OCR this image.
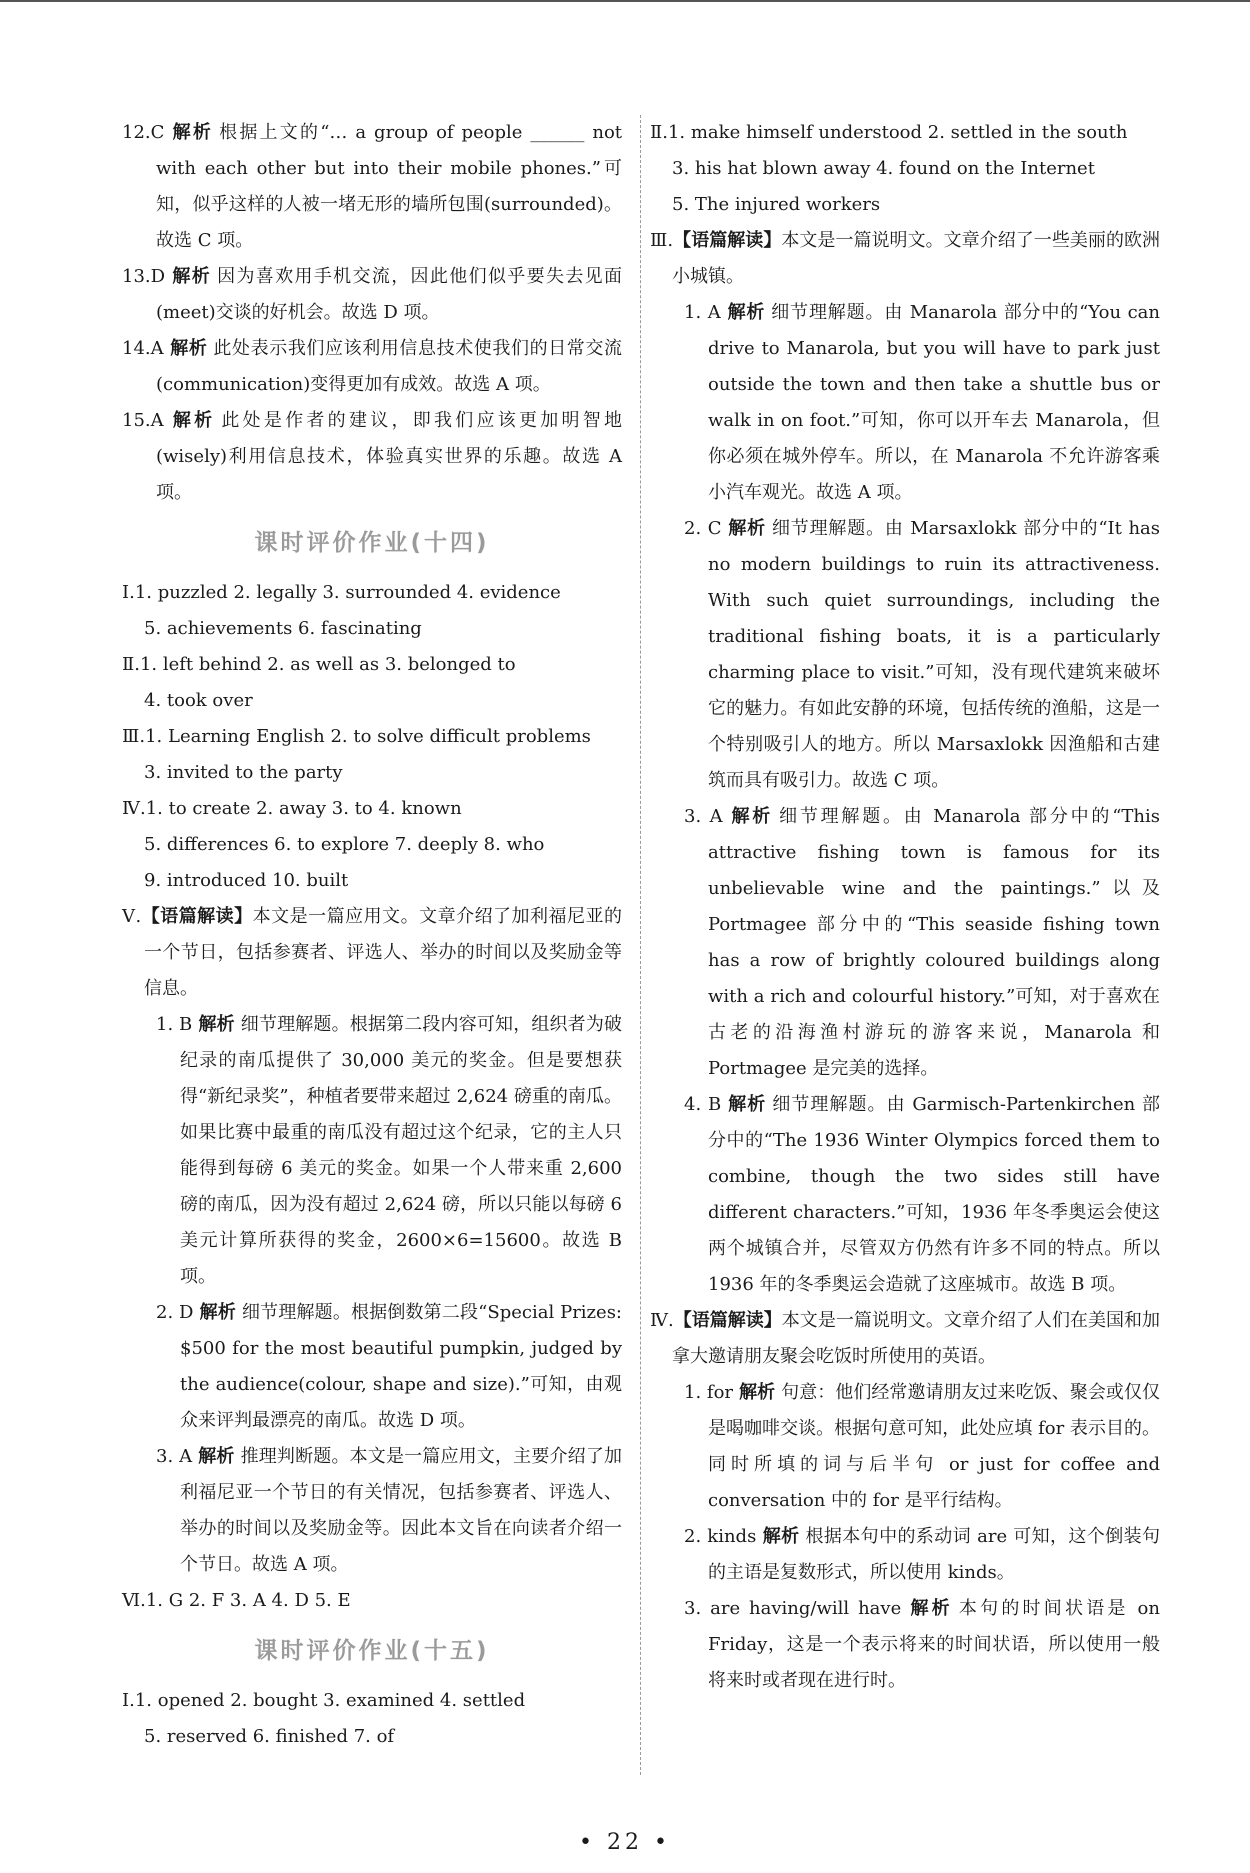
12.C 解析 根据上文的“… a group of people ______ not with each other but into their mobile phones.”可知，似乎这样的人被一堵无形的墙所包围(surrounded)。故选 C 项。

13.D 解析 因为喜欢用手机交流，因此他们似乎要失去见面(meet)交谈的好机会。故选 D 项。

14.A 解析 此处表示我们应该利用信息技术使我们的日常交流(communication)变得更加有成效。故选 A 项。

15.A 解析 此处是作者的建议，即我们应该更加明智地(wisely)利用信息技术，体验真实世界的乐趣。故选 A 项。

课时评价作业(十四)

Ⅰ.1. puzzled 2. legally 3. surrounded 4. evidence

5. achievements 6. fascinating

Ⅱ.1. left behind 2. as well as 3. belonged to

4. took over

Ⅲ.1. Learning English 2. to solve difficult problems

3. invited to the party

Ⅳ.1. to create 2. away 3. to 4. known

5. differences 6. to explore 7. deeply 8. who

9. introduced 10. built

Ⅴ.【语篇解读】本文是一篇应用文。文章介绍了加利福尼亚的一个节日，包括参赛者、评选人、举办的时间以及奖励金等信息。

1. B 解析 细节理解题。根据第二段内容可知，组织者为破纪录的南瓜提供了 30,000 美元的奖金。但是要想获得“新纪录奖”，种植者要带来超过 2,624 磅重的南瓜。如果比赛中最重的南瓜没有超过这个纪录，它的主人只能得到每磅 6 美元的奖金。如果一个人带来重 2,600 磅的南瓜，因为没有超过 2,624 磅，所以只能以每磅 6 美元计算所获得的奖金，2600×6=15600。故选 B 项。

2. D 解析 细节理解题。根据倒数第二段“Special Prizes: $500 for the most beautiful pumpkin, judged by the audience(colour, shape and size).”可知，由观众来评判最漂亮的南瓜。故选 D 项。

3. A 解析 推理判断题。本文是一篇应用文，主要介绍了加利福尼亚一个节日的有关情况，包括参赛者、评选人、举办的时间以及奖励金等。因此本文旨在向读者介绍一个节日。故选 A 项。

Ⅵ.1. G 2. F 3. A 4. D 5. E

课时评价作业(十五)

Ⅰ.1. opened 2. bought 3. examined 4. settled

5. reserved 6. finished 7. of

Ⅱ.1. make himself understood 2. settled in the south

3. his hat blown away 4. found on the Internet

5. The injured workers

Ⅲ.【语篇解读】本文是一篇说明文。文章介绍了一些美丽的欧洲小城镇。

1. A 解析 细节理解题。由 Manarola 部分中的“You can drive to Manarola, but you will have to park just outside the town and then take a shuttle bus or walk in on foot.”可知，你可以开车去 Manarola，但你必须在城外停车。所以，在 Manarola 不允许游客乘小汽车观光。故选 A 项。

2. C 解析 细节理解题。由 Marsaxlokk 部分中的“It has no modern buildings to ruin its attractiveness. With such quiet surroundings, including the traditional fishing boats, it is a particularly charming place to visit.”可知，没有现代建筑来破坏它的魅力。有如此安静的环境，包括传统的渔船，这是一个特别吸引人的地方。所以 Marsaxlokk 因渔船和古建筑而具有吸引力。故选 C 项。

3. A 解析 细节理解题。由 Manarola 部分中的“This attractive fishing town is famous for its unbelievable wine and the paintings.”以及 Portmagee 部分中的“This seaside fishing town has a row of brightly coloured buildings along with a rich and colourful history.”可知，对于喜欢在古老的沿海渔村游玩的游客来说，Manarola 和 Portmagee 是完美的选择。

4. B 解析 细节理解题。由 Garmisch-Partenkirchen 部分中的“The 1936 Winter Olympics forced them to combine, though the two sides still have different characters.”可知，1936 年冬季奥运会使这两个城镇合并，尽管双方仍然有许多不同的特点。所以 1936 年的冬季奥运会造就了这座城市。故选 B 项。

Ⅳ.【语篇解读】本文是一篇说明文。文章介绍了人们在美国和加拿大邀请朋友聚会吃饭时所使用的英语。

1. for 解析 句意：他们经常邀请朋友过来吃饭、聚会或仅仅是喝咖啡交谈。根据句意可知，此处应填 for 表示目的。同时所填的词与后半句 or just for coffee and conversation 中的 for 是平行结构。

2. kinds 解析 根据本句中的系动词 are 可知，这个倒装句的主语是复数形式，所以使用 kinds。

3. are having/will have 解析 本句的时间状语是 on Friday，这是一个表示将来的时间状语，所以使用一般将来时或者现在进行时。

• 22 •
